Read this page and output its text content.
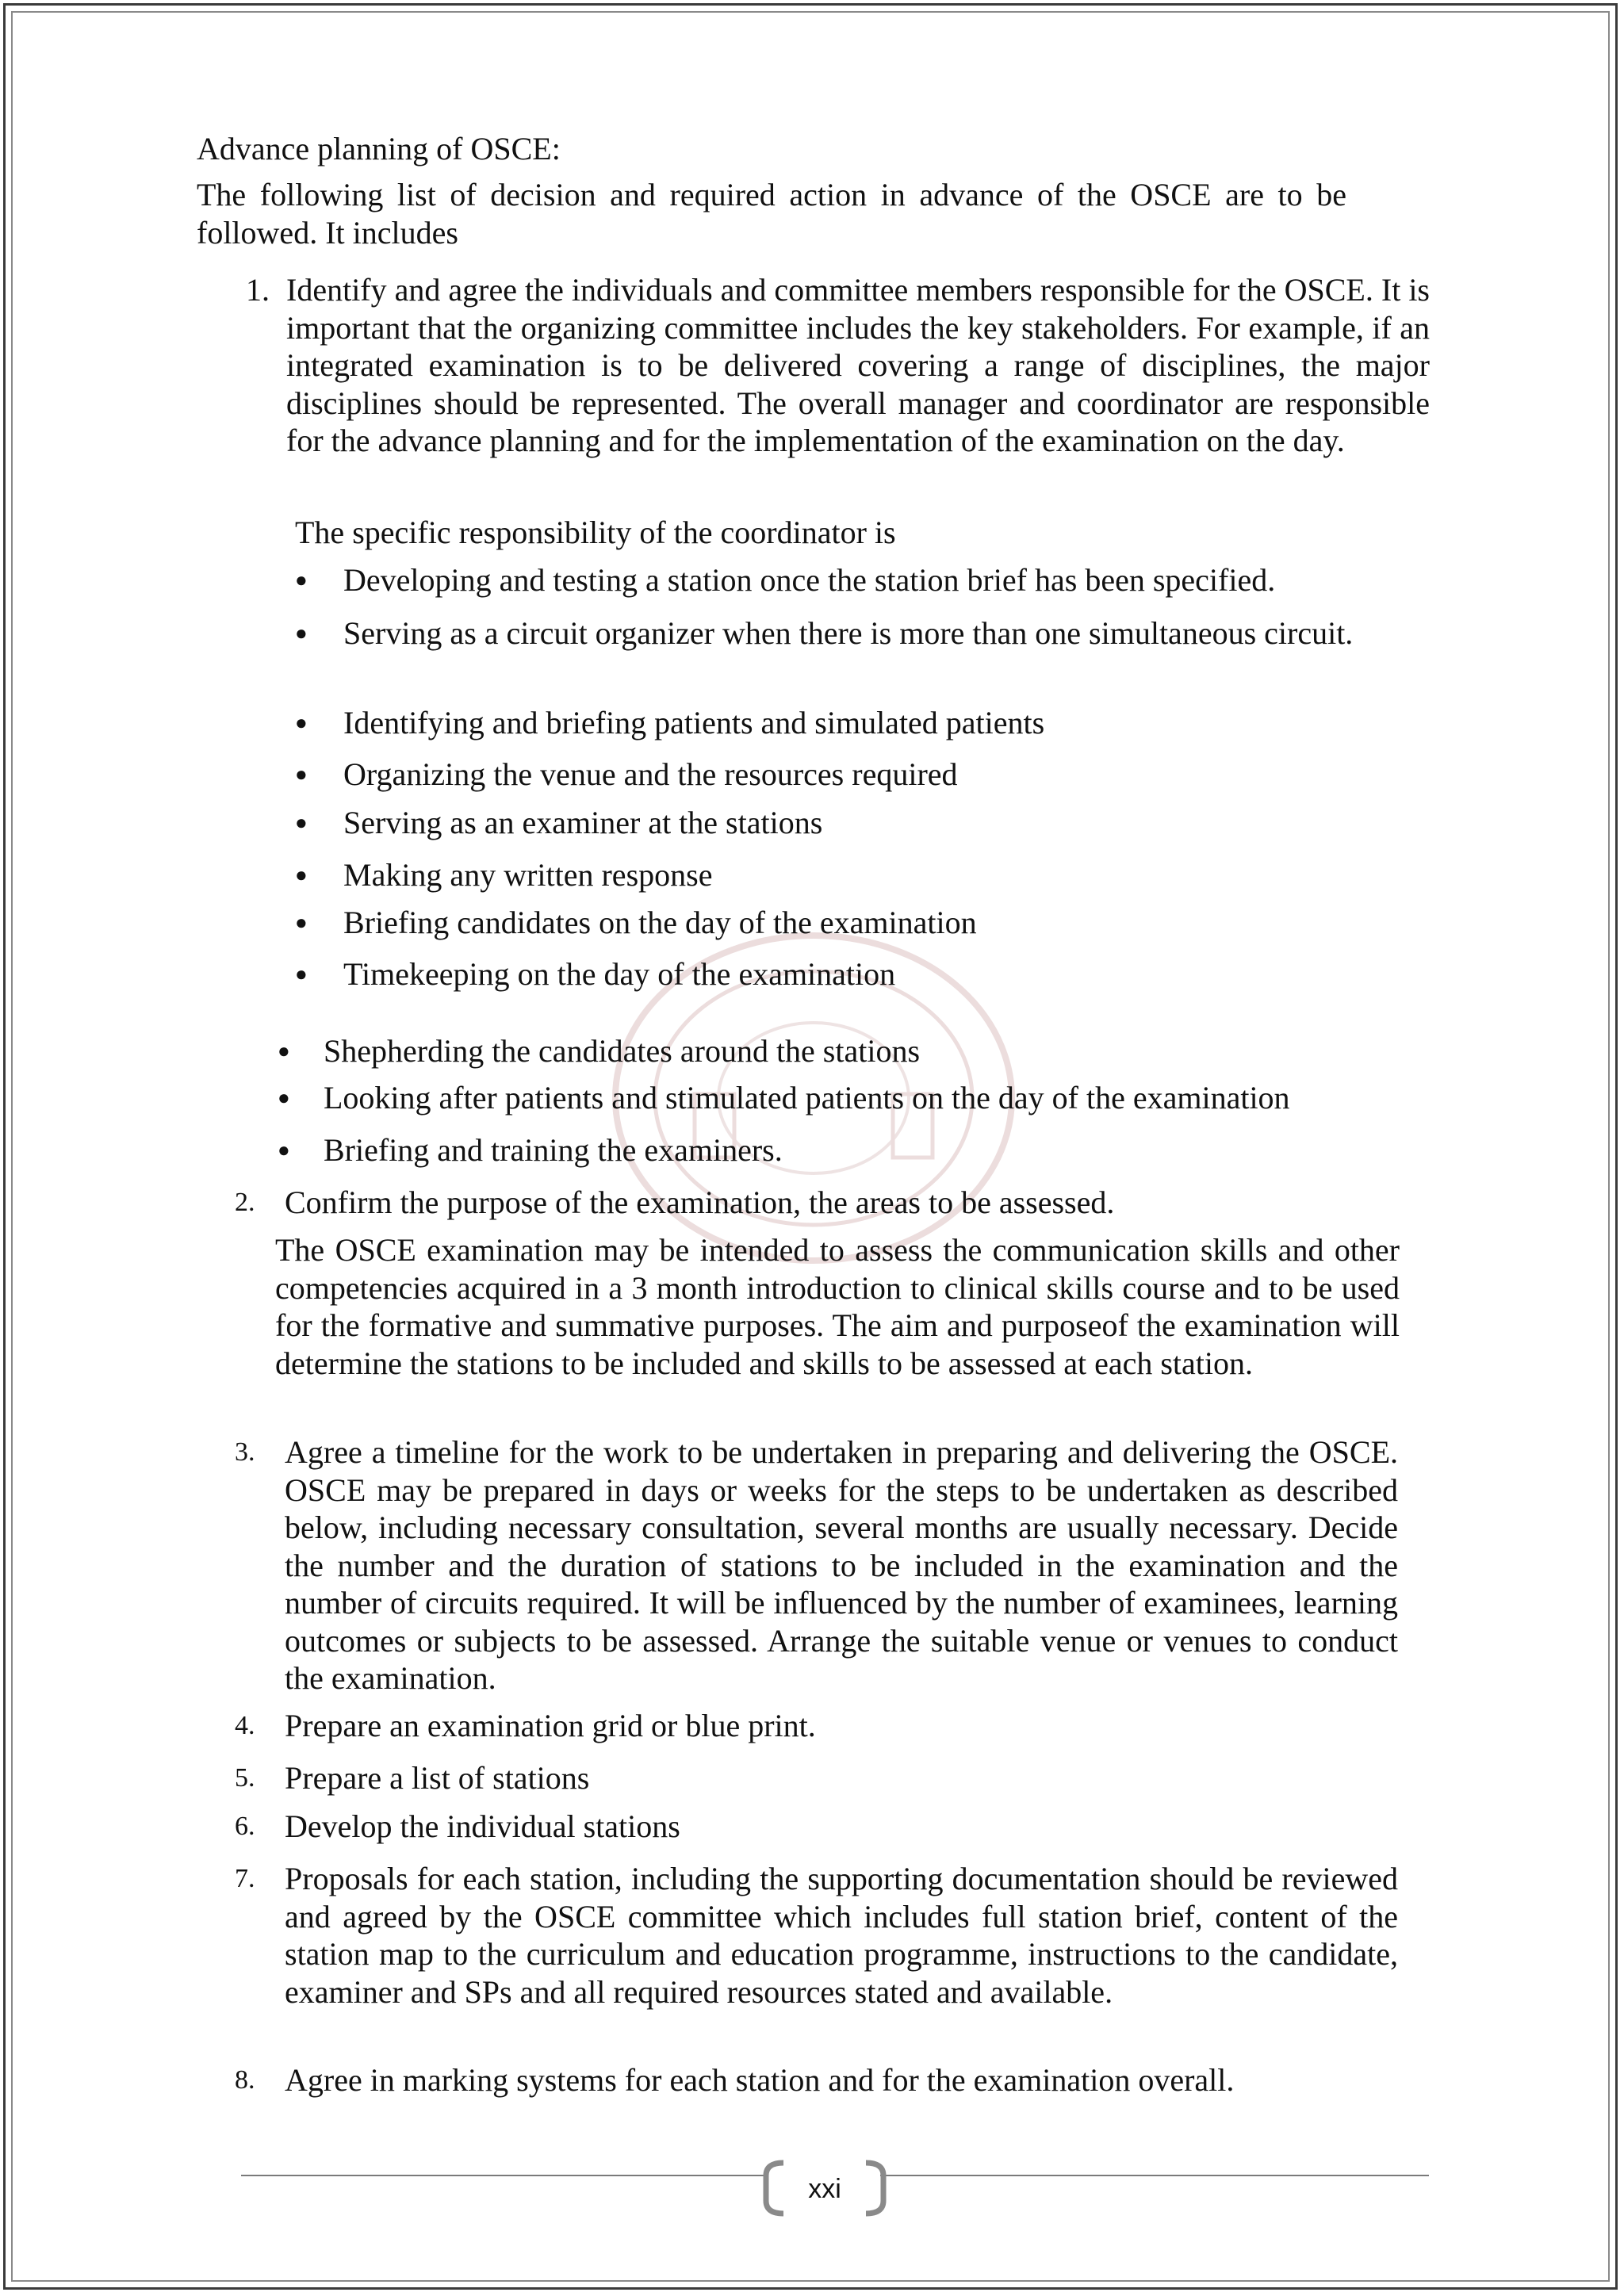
Advance planning of OSCE:

The following list of decision and required action in advance of the OSCE are to be followed. It includes

1. Identify and agree the individuals and committee members responsible for the OSCE. It is important that the organizing committee includes the key stakeholders. For example, if an integrated examination is to be delivered covering a range of disciplines, the major disciplines should be represented. The overall manager and coordinator are responsible for the advance planning and for the implementation of the examination on the day.

The specific responsibility of the coordinator is

● Developing and testing a station once the station brief has been specified.

● Serving as a circuit organizer when there is more than one simultaneous circuit.

● Identifying and briefing patients and simulated patients

● Organizing the venue and the resources required

● Serving as an examiner at the stations

● Making any written response

● Briefing candidates on the day of the examination

● Timekeeping on the day of the examination

● Shepherding the candidates around the stations

● Looking after patients and stimulated patients on the day of the examination

● Briefing and training the examiners.

2. Confirm the purpose of the examination, the areas to be assessed.

The OSCE examination may be intended to assess the communication skills and other competencies acquired in a 3 month introduction to clinical skills course and to be used for the formative and summative purposes. The aim and purposeof the examination will determine the stations to be included and skills to be assessed at each station.

3. Agree a timeline for the work to be undertaken in preparing and delivering the OSCE. OSCE may be prepared in days or weeks for the steps to be undertaken as described below, including necessary consultation, several months are usually necessary. Decide the number and the duration of stations to be included in the examination and the number of circuits required. It will be influenced by the number of examinees, learning outcomes or subjects to be assessed. Arrange the suitable venue or venues to conduct the examination.

4. Prepare an examination grid or blue print.

5. Prepare a list of stations

6. Develop the individual stations

7. Proposals for each station, including the supporting documentation should be reviewed and agreed by the OSCE committee which includes full station brief, content of the station map to the curriculum and education programme, instructions to the candidate, examiner and SPs and all required resources stated and available.

8. Agree in marking systems for each station and for the examination overall.

xxi
